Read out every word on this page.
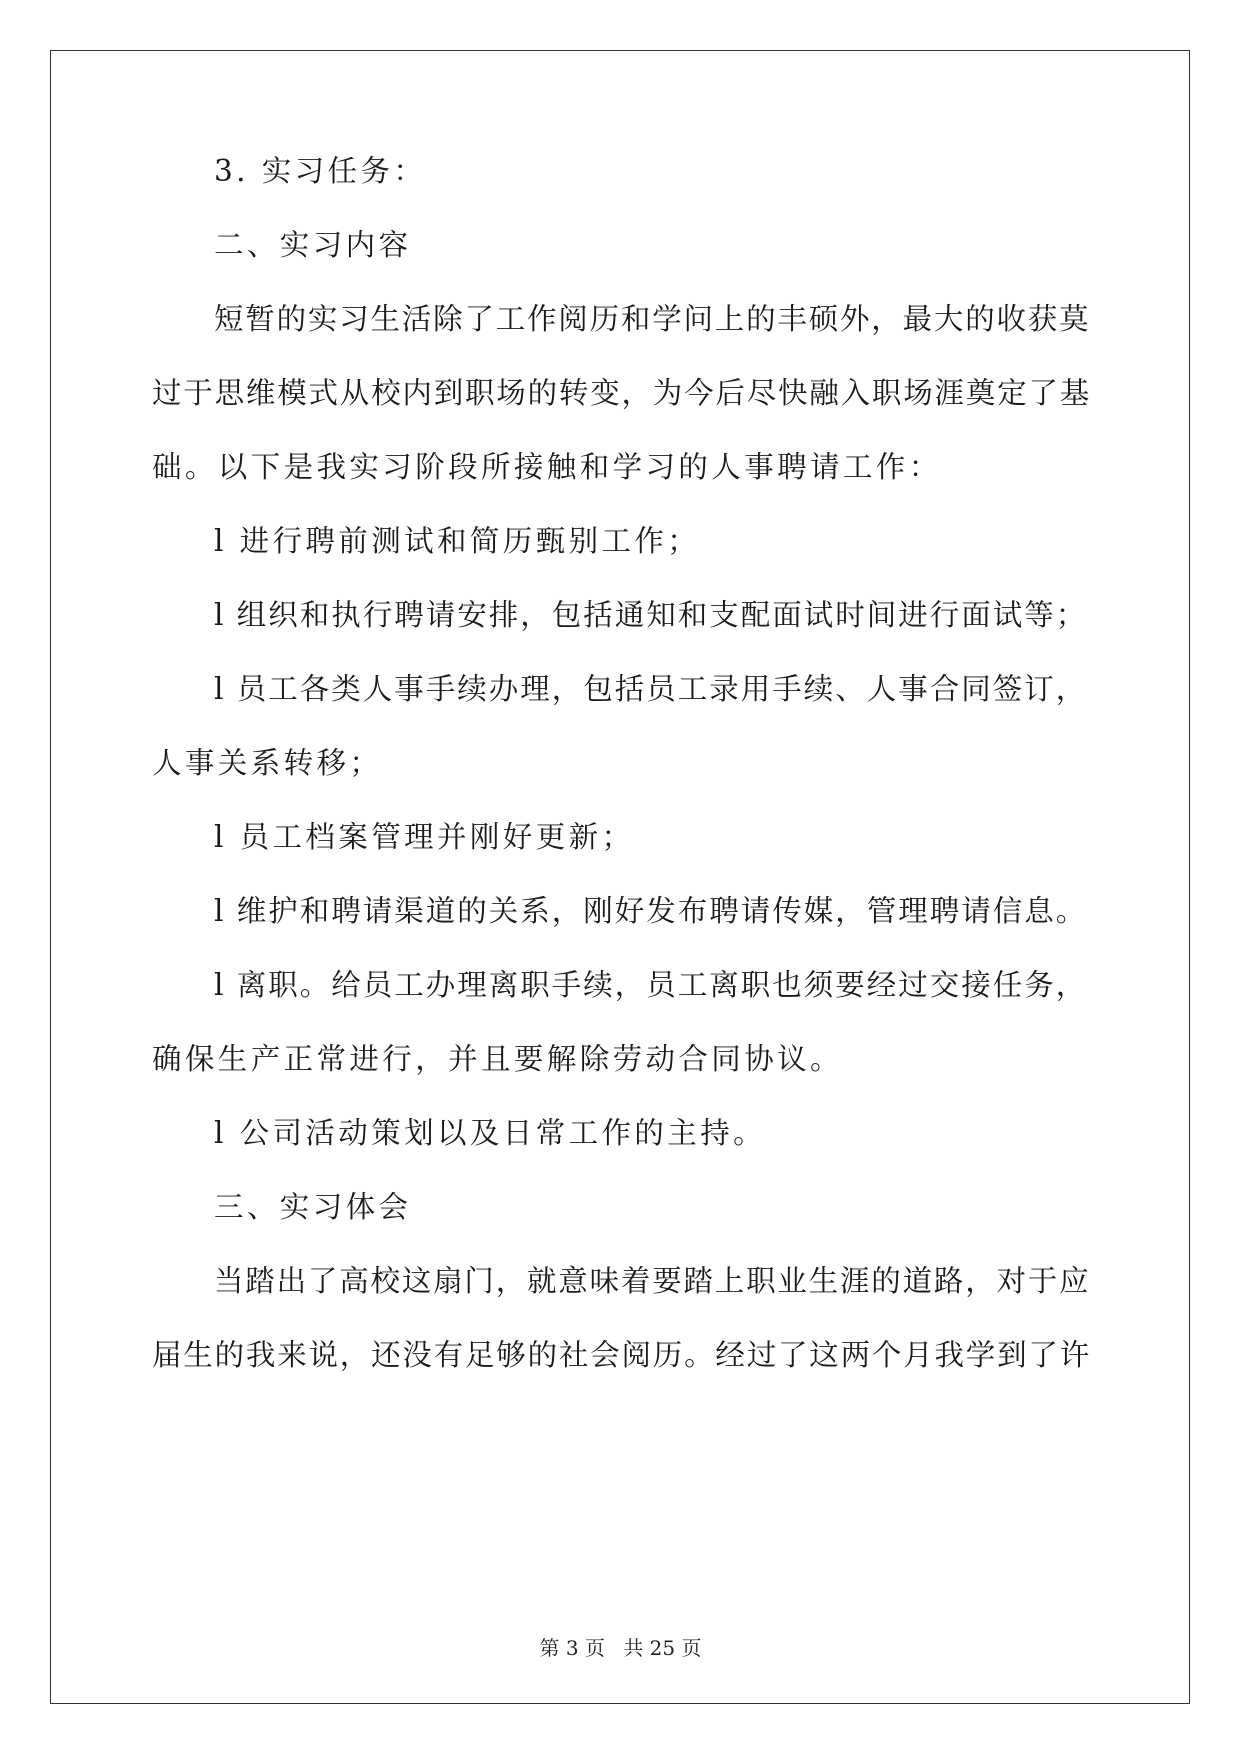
3. 实习任务：
二、实习内容
短暂的实习生活除了工作阅历和学问上的丰硕外，最大的收获莫
过于思维模式从校内到职场的转变，为今后尽快融入职场涯奠定了基
础。以下是我实习阶段所接触和学习的人事聘请工作：
l 进行聘前测试和简历甄别工作；
l 组织和执行聘请安排，包括通知和支配面试时间进行面试等；
l 员工各类人事手续办理，包括员工录用手续、人事合同签订，
人事关系转移；
l 员工档案管理并刚好更新；
l 维护和聘请渠道的关系，刚好发布聘请传媒，管理聘请信息。
l 离职。给员工办理离职手续，员工离职也须要经过交接任务，
确保生产正常进行，并且要解除劳动合同协议。
l 公司活动策划以及日常工作的主持。
三、实习体会
当踏出了高校这扇门，就意味着要踏上职业生涯的道路，对于应
届生的我来说，还没有足够的社会阅历。经过了这两个月我学到了许
第 3 页 共 25 页
